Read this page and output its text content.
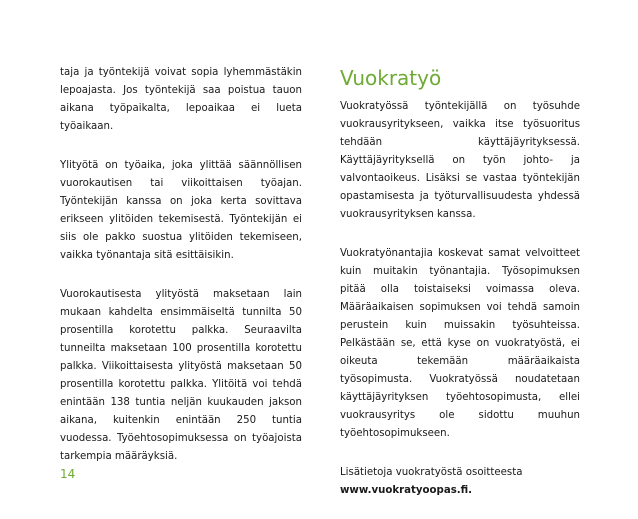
taja ja työntekijä voivat sopia lyhemmästäkin lepoajasta. Jos työntekijä saa poistua tauon aikana työpaikalta, lepoaikaa ei lueta työaikaan.

Ylityötä on työaika, joka ylittää säännöllisen vuorokautisen tai viikoittaisen työajan. Työntekijän kanssa on joka kerta sovittava erikseen ylitöiden tekemisestä. Työntekijän ei siis ole pakko suostua ylitöiden tekemiseen, vaikka työnantaja sitä esittäisikin.

Vuorokautisesta ylityöstä maksetaan lain mukaan kahdelta ensimmäiseltä tunnilta 50 prosentilla korotettu palkka. Seuraavilta tunneilta maksetaan 100 prosentilla korotettu palkka. Viikoittaisesta ylityöstä maksetaan 50 prosentilla korotettu palkka. Ylitöitä voi tehdä enintään 138 tuntia neljän kuukauden jakson aikana, kuitenkin enintään 250 tuntia vuodessa. Työehtosopimuksessa on työajoista tarkempia määräyksiä.

Vuokratyö

Vuokratyössä työntekijällä on työsuhde vuokrausyritykseen, vaikka itse työsuoritus tehdään käyttäjäyrityksessä. Käyttäjäyrityksellä on työn johto- ja valvontaoikeus. Lisäksi se vastaa työntekijän opastamisesta ja työturvallisuudesta yhdessä vuokrausyrityksen kanssa.

Vuokratyönantajia koskevat samat velvoitteet kuin muitakin työnantajia. Työsopimuksen pitää olla toistaiseksi voimassa oleva. Määräaikaisen sopimuksen voi tehdä samoin perustein kuin muissakin työsuhteissa. Pelkästään se, että kyse on vuokratyöstä, ei oikeuta tekemään määräaikaista työsopimusta. Vuokratyössä noudatetaan käyttäjäyrityksen työehtosopimusta, ellei vuokrausyritys ole sidottu muuhun työehtosopimukseen.

Lisätietoja vuokratyöstä osoitteesta

www.vuokratyoopas.fi.
14
